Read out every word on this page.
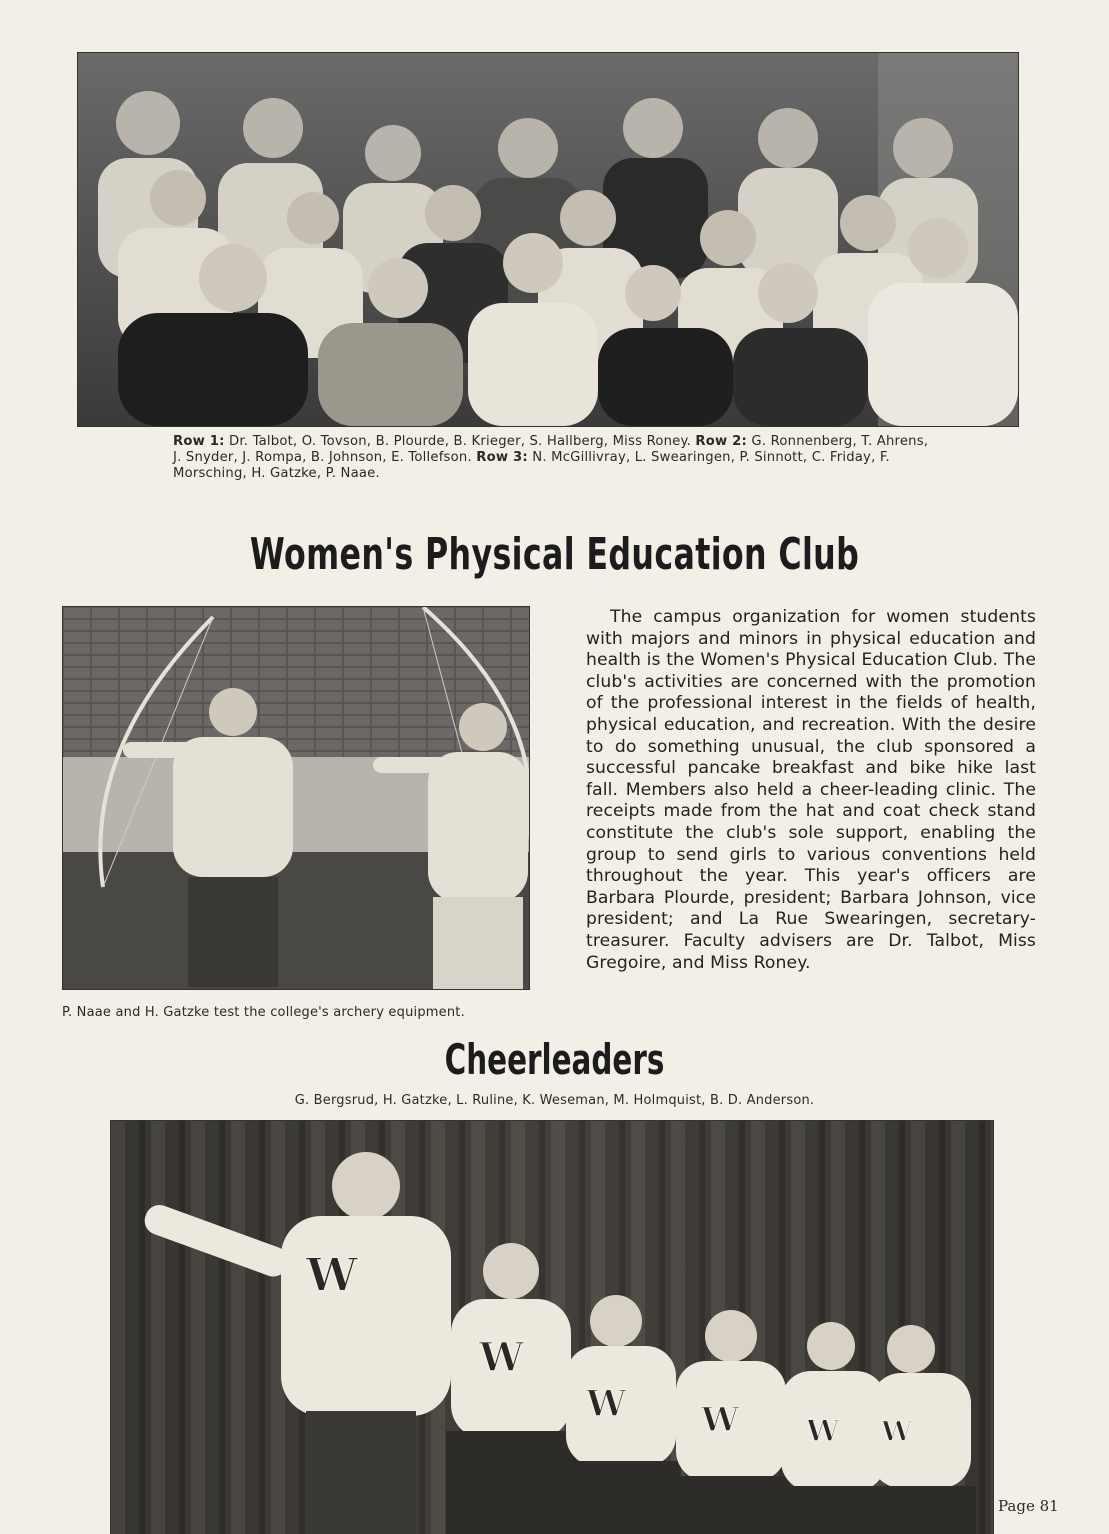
Row 1: Dr. Talbot, O. Tovson, B. Plourde, B. Krieger, S. Hallberg, Miss Roney. Row 2: G. Ronnenberg, T. Ahrens, J. Snyder, J. Rompa, B. Johnson, E. Tollefson. Row 3: N. McGillivray, L. Swearingen, P. Sinnott, C. Friday, F. Morsching, H. Gatzke, P. Naae.
Women's Physical Education Club
P. Naae and H. Gatzke test the college's archery equipment.
The campus organization for women students with majors and minors in physical education and health is the Women's Physical Education Club. The club's activities are concerned with the promotion of the professional interest in the fields of health, physical education, and recreation. With the desire to do something unusual, the club sponsored a successful pancake breakfast and bike hike last fall. Members also held a cheer-leading clinic. The receipts made from the hat and coat check stand constitute the club's sole support, enabling the group to send girls to various conventions held throughout the year. This year's officers are Barbara Plourde, president; Barbara Johnson, vice president; and La Rue Swearingen, secretary-treasurer. Faculty advisers are Dr. Talbot, Miss Gregoire, and Miss Roney.
Cheerleaders
G. Bergsrud, H. Gatzke, L. Ruline, K. Weseman, M. Holmquist, B. D. Anderson.
W
W
W W W W
Page 81
